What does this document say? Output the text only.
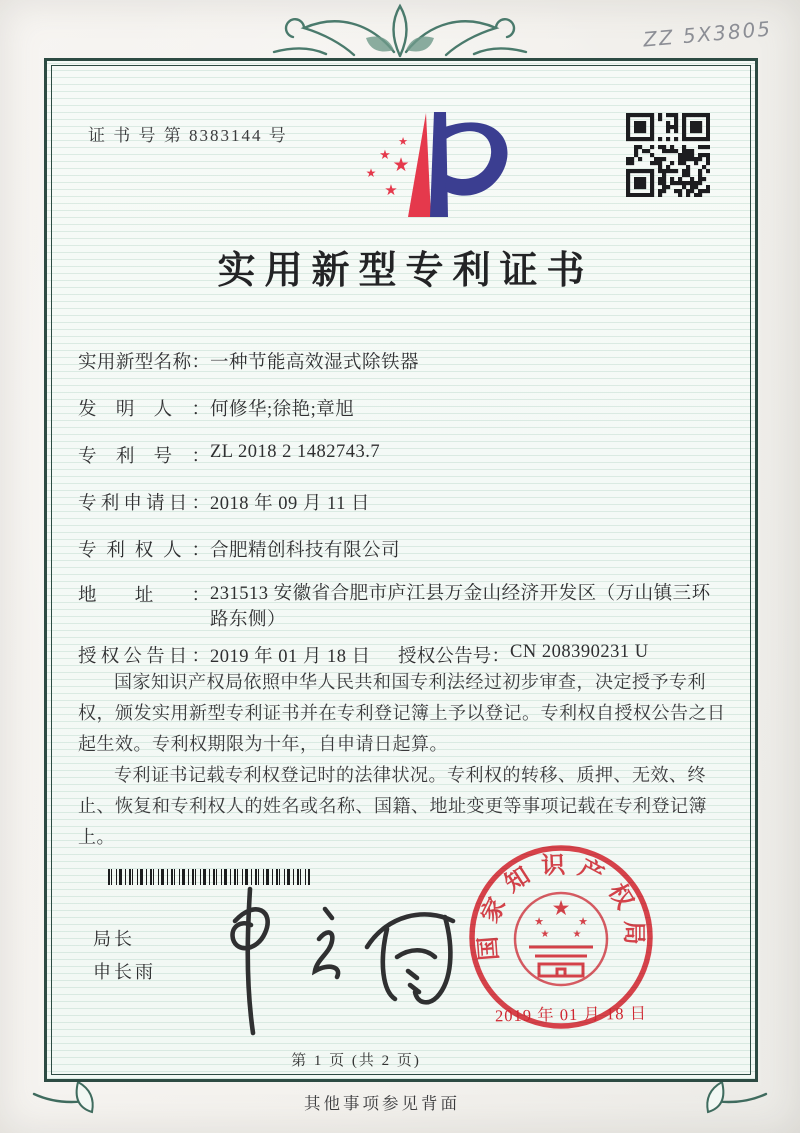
ZZ 5X3805
证 书 号 第 8383144 号	★
★ ★
★
★
实用新型专利证书
实用新型名称： 一种节能高效湿式除铁器
发明人： 何修华;徐艳;章旭
专利号： ZL 2018 2 1482743.7
专利申请日： 2018 年 09 月 11 日
专利权人： 合肥精创科技有限公司
地址： 231513 安徽省合肥市庐江县万金山经济开发区（万山镇三环路东侧）
授权公告日： 2019 年 01 月 18 日 授权公告号： CN 208390231 U

国家知识产权局依照中华人民共和国专利法经过初步审查，决定授予专利权，颁发实用新型专利证书并在专利登记簿上予以登记。专利权自授权公告之日起生效。专利权期限为十年，自申请日起算。

专利证书记载专利权登记时的法律状况。专利权的转移、质押、无效、终止、恢复和专利权人的姓名或名称、国籍、地址变更等事项记载在专利登记簿上。

局长
申长雨
国家知识产权局
★
★	★
★ ★
2019 年 01 月 18 日
第 1 页 (共 2 页)
其他事项参见背面
